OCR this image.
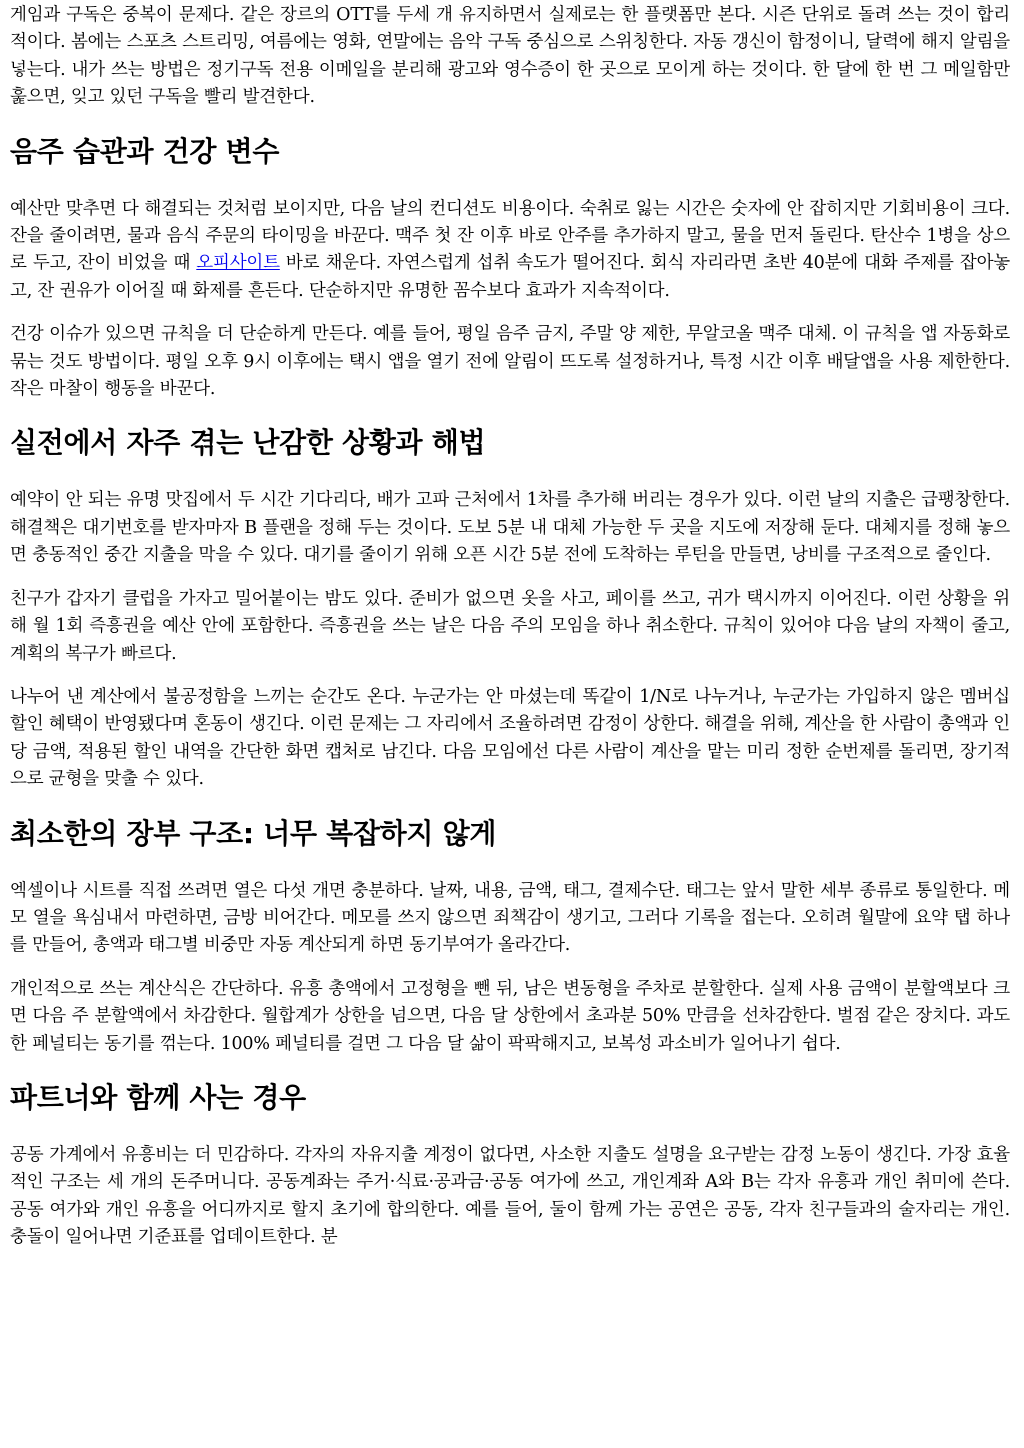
게임과 구독은 중복이 문제다. 같은 장르의 OTT를 두세 개 유지하면서 실제로는 한 플랫폼만 본다. 시즌 단위로 돌려 쓰는 것이 합리적이다. 봄에는 스포츠 스트리밍, 여름에는 영화, 연말에는 음악 구독 중심으로 스위칭한다. 자동 갱신이 함정이니, 달력에 해지 알림을 넣는다. 내가 쓰는 방법은 정기구독 전용 이메일을 분리해 광고와 영수증이 한 곳으로 모이게 하는 것이다. 한 달에 한 번 그 메일함만 훑으면, 잊고 있던 구독을 빨리 발견한다.

음주 습관과 건강 변수

예산만 맞추면 다 해결되는 것처럼 보이지만, 다음 날의 컨디션도 비용이다. 숙취로 잃는 시간은 숫자에 안 잡히지만 기회비용이 크다. 잔을 줄이려면, 물과 음식 주문의 타이밍을 바꾼다. 맥주 첫 잔 이후 바로 안주를 추가하지 말고, 물을 먼저 돌린다. 탄산수 1병을 상으로 두고, 잔이 비었을 때 오피사이트 바로 채운다. 자연스럽게 섭취 속도가 떨어진다. 회식 자리라면 초반 40분에 대화 주제를 잡아놓고, 잔 권유가 이어질 때 화제를 흔든다. 단순하지만 유명한 꼼수보다 효과가 지속적이다.

건강 이슈가 있으면 규칙을 더 단순하게 만든다. 예를 들어, 평일 음주 금지, 주말 양 제한, 무알코올 맥주 대체. 이 규칙을 앱 자동화로 묶는 것도 방법이다. 평일 오후 9시 이후에는 택시 앱을 열기 전에 알림이 뜨도록 설정하거나, 특정 시간 이후 배달앱을 사용 제한한다. 작은 마찰이 행동을 바꾼다.

실전에서 자주 겪는 난감한 상황과 해법

예약이 안 되는 유명 맛집에서 두 시간 기다리다, 배가 고파 근처에서 1차를 추가해 버리는 경우가 있다. 이런 날의 지출은 급팽창한다. 해결책은 대기번호를 받자마자 B 플랜을 정해 두는 것이다. 도보 5분 내 대체 가능한 두 곳을 지도에 저장해 둔다. 대체지를 정해 놓으면 충동적인 중간 지출을 막을 수 있다. 대기를 줄이기 위해 오픈 시간 5분 전에 도착하는 루틴을 만들면, 낭비를 구조적으로 줄인다.

친구가 갑자기 클럽을 가자고 밀어붙이는 밤도 있다. 준비가 없으면 옷을 사고, 페이를 쓰고, 귀가 택시까지 이어진다. 이런 상황을 위해 월 1회 즉흥권을 예산 안에 포함한다. 즉흥권을 쓰는 날은 다음 주의 모임을 하나 취소한다. 규칙이 있어야 다음 날의 자책이 줄고, 계획의 복구가 빠르다.

나누어 낸 계산에서 불공정함을 느끼는 순간도 온다. 누군가는 안 마셨는데 똑같이 1/N로 나누거나, 누군가는 가입하지 않은 멤버십 할인 혜택이 반영됐다며 혼동이 생긴다. 이런 문제는 그 자리에서 조율하려면 감정이 상한다. 해결을 위해, 계산을 한 사람이 총액과 인당 금액, 적용된 할인 내역을 간단한 화면 캡처로 남긴다. 다음 모임에선 다른 사람이 계산을 맡는 미리 정한 순번제를 돌리면, 장기적으로 균형을 맞출 수 있다.

최소한의 장부 구조: 너무 복잡하지 않게

엑셀이나 시트를 직접 쓰려면 열은 다섯 개면 충분하다. 날짜, 내용, 금액, 태그, 결제수단. 태그는 앞서 말한 세부 종류로 통일한다. 메모 열을 욕심내서 마련하면, 금방 비어간다. 메모를 쓰지 않으면 죄책감이 생기고, 그러다 기록을 접는다. 오히려 월말에 요약 탭 하나를 만들어, 총액과 태그별 비중만 자동 계산되게 하면 동기부여가 올라간다.

개인적으로 쓰는 계산식은 간단하다. 유흥 총액에서 고정형을 뺀 뒤, 남은 변동형을 주차로 분할한다. 실제 사용 금액이 분할액보다 크면 다음 주 분할액에서 차감한다. 월합계가 상한을 넘으면, 다음 달 상한에서 초과분 50% 만큼을 선차감한다. 벌점 같은 장치다. 과도한 페널티는 동기를 꺾는다. 100% 페널티를 걸면 그 다음 달 삶이 팍팍해지고, 보복성 과소비가 일어나기 쉽다.

파트너와 함께 사는 경우

공동 가계에서 유흥비는 더 민감하다. 각자의 자유지출 계정이 없다면, 사소한 지출도 설명을 요구받는 감정 노동이 생긴다. 가장 효율적인 구조는 세 개의 돈주머니다. 공동계좌는 주거·식료·공과금·공동 여가에 쓰고, 개인계좌 A와 B는 각자 유흥과 개인 취미에 쓴다. 공동 여가와 개인 유흥을 어디까지로 할지 초기에 합의한다. 예를 들어, 둘이 함께 가는 공연은 공동, 각자 친구들과의 술자리는 개인. 충돌이 일어나면 기준표를 업데이트한다. 분
